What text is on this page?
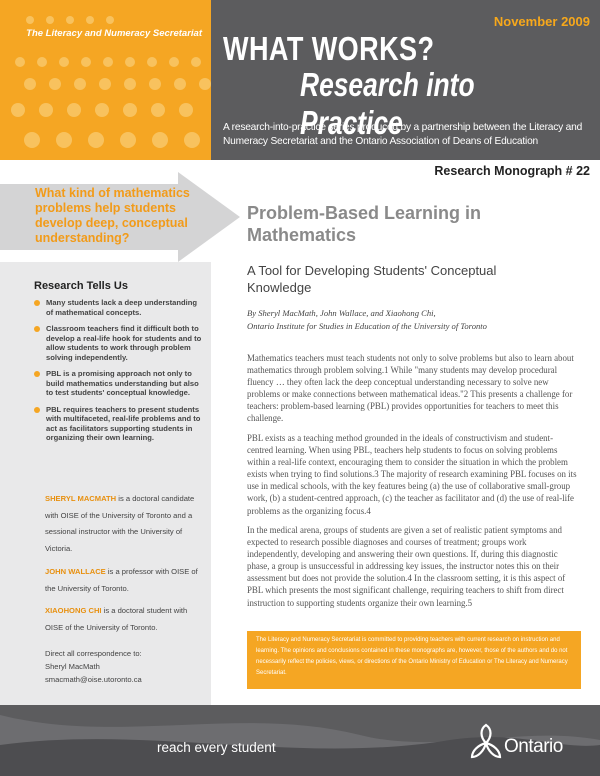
The Literacy and Numeracy Secretariat
November 2009
WHAT WORKS?
Research into Practice
A research-into-practice series produced by a partnership between the Literacy and Numeracy Secretariat and the Ontario Association of Deans of Education
Research Monograph # 22
What kind of mathematics problems help students develop deep, conceptual understanding?
Research Tells Us
Many students lack a deep understanding of mathematical concepts.
Classroom teachers find it difficult both to develop a real-life hook for students and to allow students to work through problem solving independently.
PBL is a promising approach not only to build mathematics understanding but also to test students' conceptual knowledge.
PBL requires teachers to present students with multifaceted, real-life problems and to act as facilitators supporting students in organizing their own learning.
SHERYL MACMATH is a doctoral candidate with OISE of the University of Toronto and a sessional instructor with the University of Victoria.
JOHN WALLACE is a professor with OISE of the University of Toronto.
XIAOHONG CHI is a doctoral student with OISE of the University of Toronto.
Direct all correspondence to:
Sheryl MacMath
smacmath@oise.utoronto.ca
Problem-Based Learning in Mathematics
A Tool for Developing Students' Conceptual Knowledge
By Sheryl MacMath, John Wallace, and Xiaohong Chi,
Ontario Institute for Studies in Education of the University of Toronto
Mathematics teachers must teach students not only to solve problems but also to learn about mathematics through problem solving.1 While "many students may develop procedural fluency … they often lack the deep conceptual understanding necessary to solve new problems or make connections between mathematical ideas."2 This presents a challenge for teachers: problem-based learning (PBL) provides opportunities for teachers to meet this challenge.
PBL exists as a teaching method grounded in the ideals of constructivism and student-centred learning. When using PBL, teachers help students to focus on solving problems within a real-life context, encouraging them to consider the situation in which the problem exists when trying to find solutions.3 The majority of research examining PBL focuses on its use in medical schools, with the key features being (a) the use of collaborative small-group work, (b) a student-centred approach, (c) the teacher as facilitator and (d) the use of real-life problems as the organizing focus.4
In the medical arena, groups of students are given a set of realistic patient symptoms and expected to research possible diagnoses and courses of treatment; groups work independently, developing and answering their own questions. If, during this diagnostic phase, a group is unsuccessful in addressing key issues, the instructor notes this on their assessment but does not provide the solution.4 In the classroom setting, it is this aspect of PBL which presents the most significant challenge, requiring teachers to shift from direct instruction to supporting students organize their own learning.5
The Literacy and Numeracy Secretariat is committed to providing teachers with current research on instruction and learning. The opinions and conclusions contained in these monographs are, however, those of the authors and do not necessarily reflect the policies, views, or directions of the Ontario Ministry of Education or The Literacy and Numeracy Secretariat.
reach every student	Ontario
